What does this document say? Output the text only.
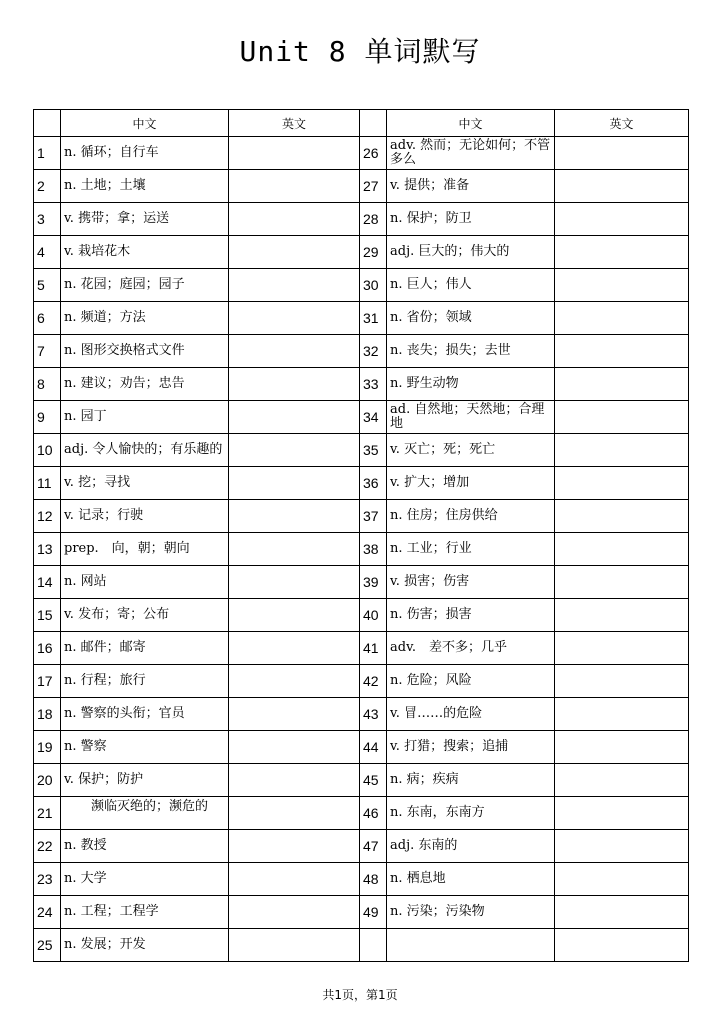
Unit 8 单词默写
	中文	英文		中文	英文
1	n. 循环；自行车		26	adv. 然而；无论如何；不管多么	
2	n. 土地；土壤		27	v. 提供；准备	
3	v. 携带；拿；运送		28	n. 保护；防卫	
4	v. 栽培花木		29	adj. 巨大的；伟大的	
5	n. 花园；庭园；园子		30	n. 巨人；伟人	
6	n. 频道；方法		31	n. 省份；领域	
7	n. 图形交换格式文件		32	n. 丧失；损失；去世	
8	n. 建议；劝告；忠告		33	n. 野生动物	
9	n. 园丁		34	ad. 自然地；天然地；合理地	
10	adj. 令人愉快的；有乐趣的		35	v. 灭亡；死；死亡	
11	v. 挖；寻找		36	v. 扩大；增加	
12	v. 记录；行驶		37	n. 住房；住房供给	
13	prep.　向，朝；朝向		38	n. 工业；行业	
14	n. 网站		39	v. 损害；伤害	
15	v. 发布；寄；公布		40	n. 伤害；损害	
16	n. 邮件；邮寄		41	adv.　差不多；几乎	
17	n. 行程；旅行		42	n. 危险；风险	
18	n. 警察的头衔；官员		43	v. 冒……的危险	
19	n. 警察		44	v. 打猎；搜索；追捕	
20	v. 保护；防护		45	n. 病；疾病	
21	濒临灭绝的；濒危的		46	n. 东南，东南方	
22	n. 教授		47	adj. 东南的	
23	n. 大学		48	n. 栖息地	
24	n. 工程；工程学		49	n. 污染；污染物	
25	n. 发展；开发				
共1页，第1页
